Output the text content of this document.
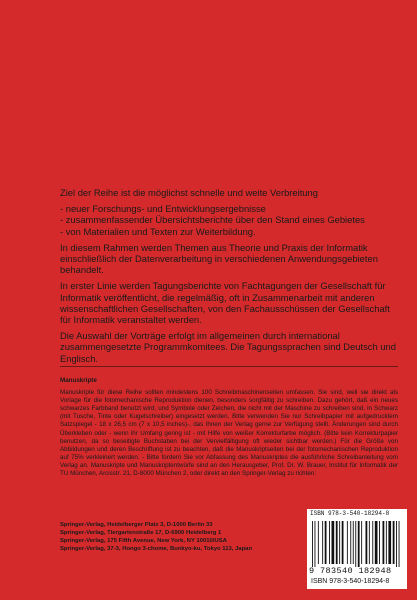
Ziel der Reihe ist die möglichst schnelle und weite Verbreitung

- neuer Forschungs- und Entwicklungsergebnisse
- zusammenfassender Übersichtsberichte über den Stand eines Gebietes
- von Materialien und Texten zur Weiterbildung.

In diesem Rahmen werden Themen aus Theorie und Praxis der Informatik einschließlich der Datenverarbeitung in verschiedenen Anwendungsgebieten behandelt.

In erster Linie werden Tagungsberichte von Fachtagungen der Gesellschaft für Informatik veröffentlicht, die regelmäßig, oft in Zusammenarbeit mit anderen wissenschaftlichen Gesellschaften, von den Fachausschüssen der Gesellschaft für Informatik veranstaltet werden.

Die Auswahl der Vorträge erfolgt im allgemeinen durch international zusammengesetzte Programmkomitees. Die Tagungssprachen sind Deutsch und Englisch.

Manuskripte

Manuskripte für diese Reihe sollten mindestens 100 Schreibmaschinenseiten umfassen. Sie sind, weil sie direkt als Vorlage für die fotomechanische Reproduktion dienen, besonders sorgfältig zu schreiben. Dazu gehört, daß ein neues schwarzes Farbband benutzt wird, und Symbole oder Zeichen, die nicht mit der Maschine zu schreiben sind, in Schwarz (mit Tusche, Tinte oder Kugelschreiber) eingesetzt werden. Bitte verwenden Sie nur Schreibpapier mit aufgedrucktem Satzspiegel - 18 x 26,5 cm (7 x 10,5 inches)-, das Ihnen der Verlag gerne zur Verfügung stellt. Änderungen sind durch Überkleben oder - wenn ihr Umfang gering ist - mit Hilfe von weißer Korrekturfarbe möglich. (Bitte kein Korrekturpapier benutzen, da so beseitigte Buchstaben bei der Vervielfältigung oft wieder sichtbar werden.) Für die Größe von Abbildungen und deren Beschriftung ist zu beachten, daß die Manuskriptseiten bei der fotomechanischen Reproduktion auf 75% verkleinert werden. - Bitte fordern Sie vor Abfassung des Manuskriptes die ausführliche Schreibanleitung vom Verlag an. Manuskripte und Manuskriptentwürfe sind an den Herausgeber, Prof. Dr. W. Brauer, Institut für Informatik der TU München, Arcisstr. 21, D-8000 München 2, oder direkt an den Springer-Verlag zu richten:

Springer-Verlag, Heidelberger Platz 3, D-1000 Berlin 33
Springer-Verlag, Tiergartenstraße 17, D-6900 Heidelberg 1
Springer-Verlag, 175 Fifth Avenue, New York, NY 10010/USA
Springer-Verlag, 37-3, Hongo 3-chome, Bunkyo-ku, Tokyo 113, Japan
ISBN 978-3-540-18294-8
9 783540 182948
ISBN 978-3-540-18294-8
